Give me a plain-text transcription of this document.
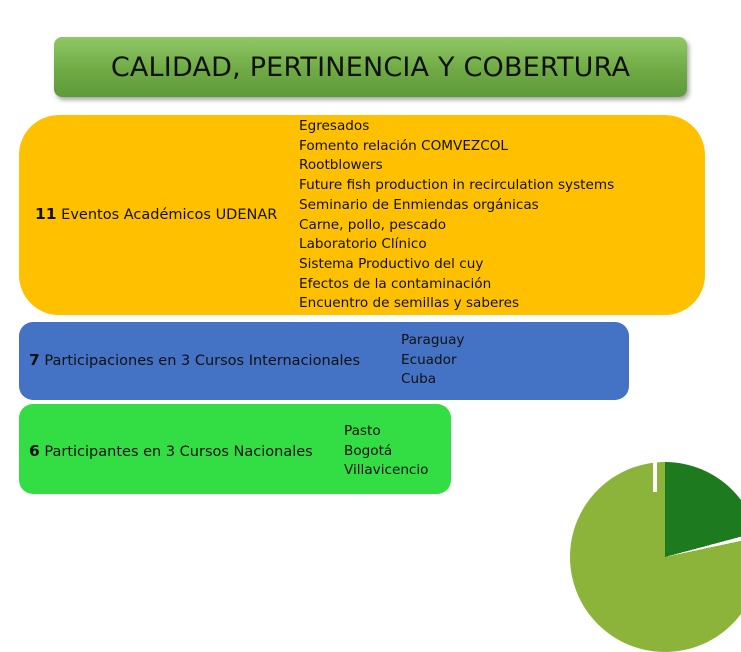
CALIDAD, PERTINENCIA Y COBERTURA
11 Eventos Académicos UDENAR
Egresados
Fomento relación COMVEZCOL
Rootblowers
Future fish production in recirculation systems
Seminario de Enmiendas orgánicas
Carne, pollo, pescado
Laboratorio Clínico
Sistema Productivo del cuy
Efectos de la contaminación
Encuentro de semillas y saberes
7 Participaciones en 3 Cursos Internacionales
Paraguay
Ecuador
Cuba
6 Participantes en 3 Cursos Nacionales
Pasto
Bogotá
Villavicencio
